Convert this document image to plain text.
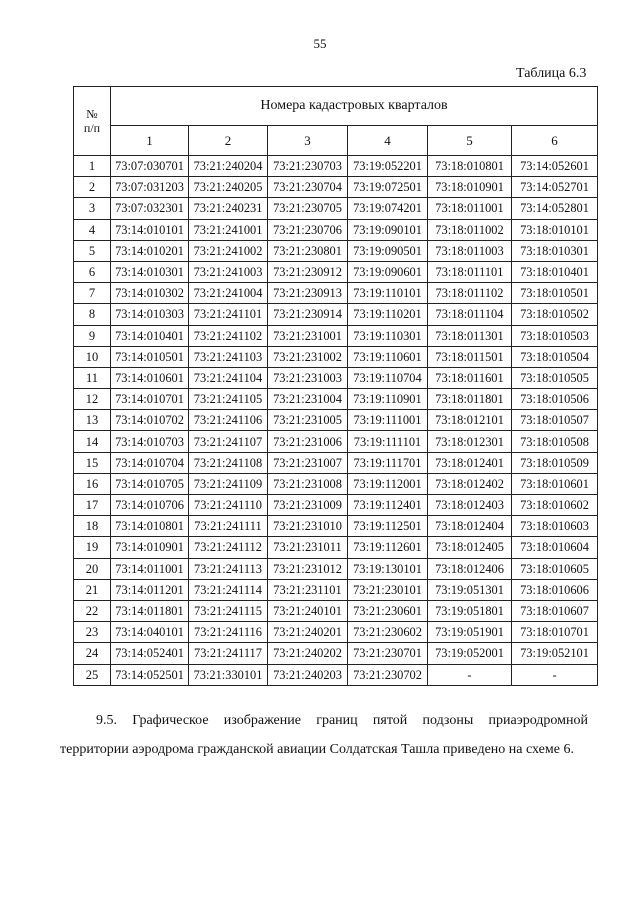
55
Таблица 6.3
№
п/п	Номера кадастровых кварталов					
	1	2	3	4	5	6
1	73:07:030701	73:21:240204	73:21:230703	73:19:052201	73:18:010801	73:14:052601
2	73:07:031203	73:21:240205	73:21:230704	73:19:072501	73:18:010901	73:14:052701
3	73:07:032301	73:21:240231	73:21:230705	73:19:074201	73:18:011001	73:14:052801
4	73:14:010101	73:21:241001	73:21:230706	73:19:090101	73:18:011002	73:18:010101
5	73:14:010201	73:21:241002	73:21:230801	73:19:090501	73:18:011003	73:18:010301
6	73:14:010301	73:21:241003	73:21:230912	73:19:090601	73:18:011101	73:18:010401
7	73:14:010302	73:21:241004	73:21:230913	73:19:110101	73:18:011102	73:18:010501
8	73:14:010303	73:21:241101	73:21:230914	73:19:110201	73:18:011104	73:18:010502
9	73:14:010401	73:21:241102	73:21:231001	73:19:110301	73:18:011301	73:18:010503
10	73:14:010501	73:21:241103	73:21:231002	73:19:110601	73:18:011501	73:18:010504
11	73:14:010601	73:21:241104	73:21:231003	73:19:110704	73:18:011601	73:18:010505
12	73:14:010701	73:21:241105	73:21:231004	73:19:110901	73:18:011801	73:18:010506
13	73:14:010702	73:21:241106	73:21:231005	73:19:111001	73:18:012101	73:18:010507
14	73:14:010703	73:21:241107	73:21:231006	73:19:111101	73:18:012301	73:18:010508
15	73:14:010704	73:21:241108	73:21:231007	73:19:111701	73:18:012401	73:18:010509
16	73:14:010705	73:21:241109	73:21:231008	73:19:112001	73:18:012402	73:18:010601
17	73:14:010706	73:21:241110	73:21:231009	73:19:112401	73:18:012403	73:18:010602
18	73:14:010801	73:21:241111	73:21:231010	73:19:112501	73:18:012404	73:18:010603
19	73:14:010901	73:21:241112	73:21:231011	73:19:112601	73:18:012405	73:18:010604
20	73:14:011001	73:21:241113	73:21:231012	73:19:130101	73:18:012406	73:18:010605
21	73:14:011201	73:21:241114	73:21:231101	73:21:230101	73:19:051301	73:18:010606
22	73:14:011801	73:21:241115	73:21:240101	73:21:230601	73:19:051801	73:18:010607
23	73:14:040101	73:21:241116	73:21:240201	73:21:230602	73:19:051901	73:18:010701
24	73:14:052401	73:21:241117	73:21:240202	73:21:230701	73:19:052001	73:19:052101
25	73:14:052501	73:21:330101	73:21:240203	73:21:230702	-	-

9.5. Графическое изображение границ пятой подзоны приаэродромной территории аэродрома гражданской авиации Солдатская Ташла приведено на схеме 6.
